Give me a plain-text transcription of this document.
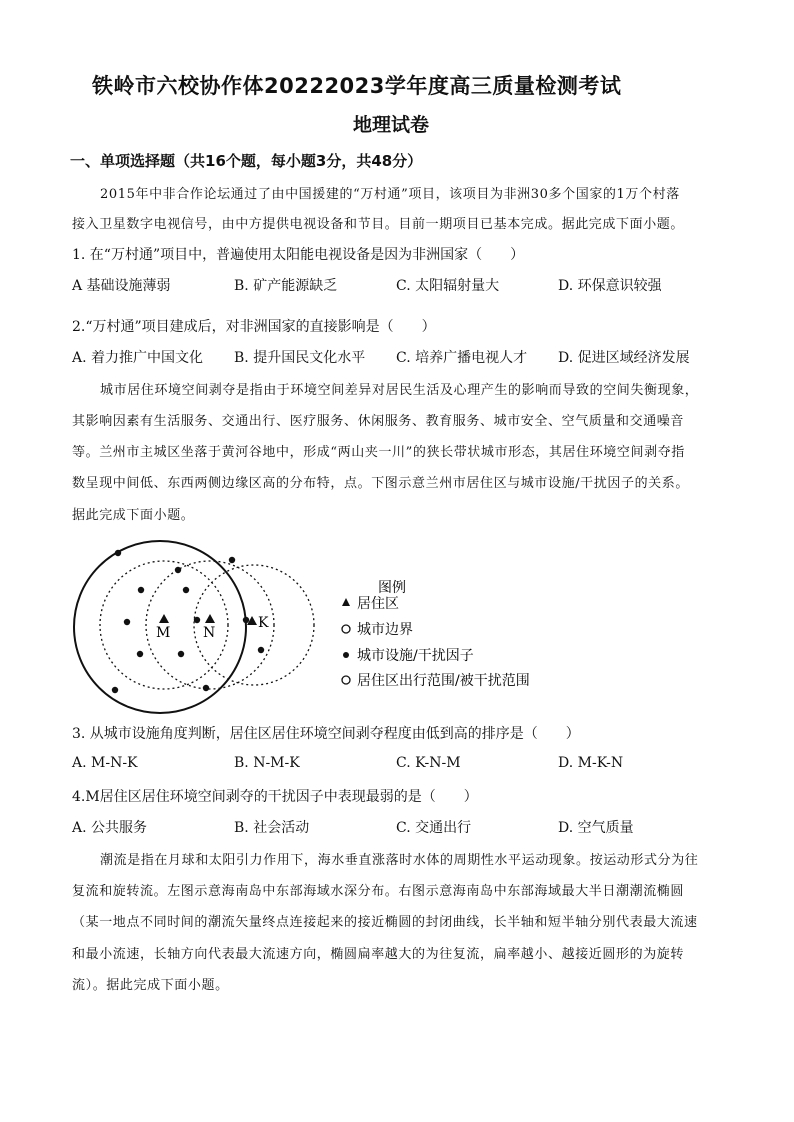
铁岭市六校协作体20222023学年度高三质量检测考试
地理试卷
一、单项选择题（共16个题，每小题3分，共48分）
2015年中非合作论坛通过了由中国援建的“万村通”项目，该项目为非洲30多个国家的1万个村落
接入卫星数字电视信号，由中方提供电视设备和节目。目前一期项目已基本完成。据此完成下面小题。
1. 在“万村通”项目中，普遍使用太阳能电视设备是因为非洲国家（　　）
A 基础设施薄弱	B. 矿产能源缺乏	C. 太阳辐射量大	D. 环保意识较强
2.“万村通”项目建成后，对非洲国家的直接影响是（　　）
A. 着力推广中国文化 B. 提升国民文化水平 C. 培养广播电视人才 D. 促进区域经济发展
城市居住环境空间剥夺是指由于环境空间差异对居民生活及心理产生的影响而导致的空间失衡现象，
其影响因素有生活服务、交通出行、医疗服务、休闲服务、教育服务、城市安全、空气质量和交通噪音
等。兰州市主城区坐落于黄河谷地中，形成“两山夹一川”的狭长带状城市形态，其居住环境空间剥夺指
数呈现中间低、东西两侧边缘区高的分布特，点。下图示意兰州市居住区与城市设施/干扰因子的关系。
据此完成下面小题。
M N
K
图例
居住区
城市边界
城市设施/干扰因子
居住区出行范围/被干扰范围
3. 从城市设施角度判断，居住区居住环境空间剥夺程度由低到高的排序是（　　）
A. M-N-K	B. N-M-K	C. K-N-M	D. M-K-N
4.M居住区居住环境空间剥夺的干扰因子中表现最弱的是（　　）
A. 公共服务	B. 社会活动	C. 交通出行	D. 空气质量
潮流是指在月球和太阳引力作用下，海水垂直涨落时水体的周期性水平运动现象。按运动形式分为往
复流和旋转流。左图示意海南岛中东部海域水深分布。右图示意海南岛中东部海域最大半日潮潮流椭圆
（某一地点不同时间的潮流矢量终点连接起来的接近椭圆的封闭曲线，长半轴和短半轴分别代表最大流速
和最小流速，长轴方向代表最大流速方向，椭圆扁率越大的为往复流，扁率越小、越接近圆形的为旋转
流）。据此完成下面小题。
